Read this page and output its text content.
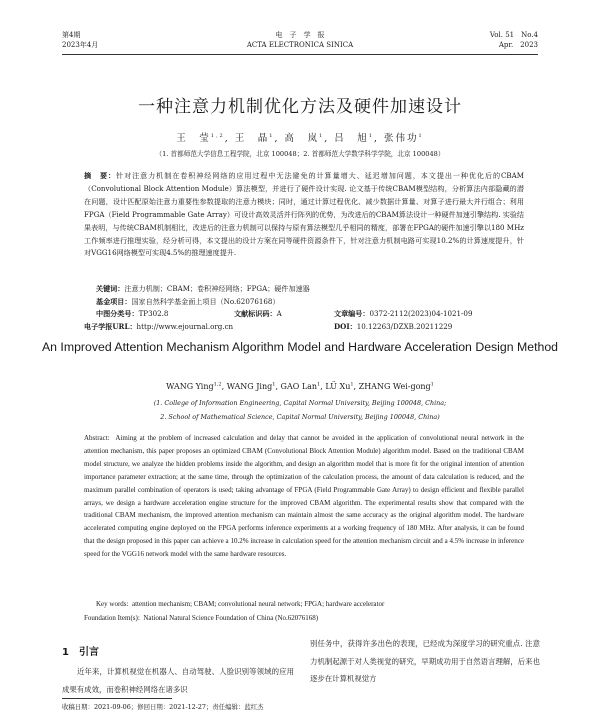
第4期
2023年4月
电　子　学　报
ACTA ELECTRONICA SINICA
Vol. 51　No.4
Apr.　2023
一种注意力机制优化方法及硬件加速设计
王　莹$^{1,2}$, 王　晶$^1$, 高　岚$^1$, 吕　旭$^1$, 张伟功$^1$
（1. 首都师范大学信息工程学院，北京 100048；2. 首都师范大学数学科学学院，北京 100048）
摘　要：针对注意力机制在卷积神经网络的应用过程中无法避免的计算量增大、延迟增加问题，本文提出一种优化后的CBAM（Convolutional Block Attention Module）算法模型，并进行了硬件设计实现. 论文基于传统CBAM模型结构，分析算法内部隐藏的潜在问题，设计匹配原始注意力重要性参数提取的注意力模块；同时，通过计算过程优化、减少数据计算量、对算子进行最大并行组合；利用FPGA（Field Programmable Gate Array）可设计高效灵活并行阵列的优势，为改进后的CBAM算法设计一种硬件加速引擎结构. 实验结果表明，与传统CBAM机制相比，改进后的注意力机制可以保持与原有算法模型几乎相同的精度，部署在FPGA的硬件加速引擎以180 MHz工作频率进行推理实验，经分析可得，本文提出的设计方案在同等硬件资源条件下，针对注意力机制电路可实现10.2%的计算速度提升，针对VGG16网络模型可实现4.5%的推理速度提升.
关键词：注意力机制；CBAM；卷积神经网络；FPGA；硬件加速器
基金项目：国家自然科学基金面上项目（No.62076168）
中图分类号：TP302.8	文献标识码：A	文章编号：0372-2112(2023)04-1021-09
电子学报URL：http://www.ejournal.org.cn	DOI：10.12263/DZXB.20211229
An Improved Attention Mechanism Algorithm Model and Hardware Acceleration Design Method
WANG Ying$^{1,2}$, WANG Jing$^1$, GAO Lan$^1$, LÜ Xu$^1$, ZHANG Wei-gong$^1$
(1. College of Information Engineering, Capital Normal University, Beijing 100048, China;
2. School of Mathematical Science, Capital Normal University, Beijing 100048, China)
Abstract: Aiming at the problem of increased calculation and delay that cannot be avoided in the application of convolutional neural network in the attention mechanism, this paper proposes an optimized CBAM (Convolutional Block Attention Module) algorithm model. Based on the traditional CBAM model structure, we analyze the hidden problems inside the algorithm, and design an algorithm model that is more fit for the original intention of attention importance parameter extraction; at the same time, through the optimization of the calculation process, the amount of data calculation is reduced, and the maximum parallel combination of operators is used; taking advantage of FPGA (Field Programmable Gate Array) to design efficient and flexible parallel arrays, we design a hardware acceleration engine structure for the improved CBAM algorithm. The experimental results show that compared with the traditional CBAM mechanism, the improved attention mechanism can maintain almost the same accuracy as the original algorithm model. The hardware accelerated computing engine deployed on the FPGA performs inference experiments at a working frequency of 180 MHz. After analysis, it can be found that the design proposed in this paper can achieve a 10.2% increase in calculation speed for the attention mechanism circuit and a 4.5% increase in inference speed for the VGG16 network model with the same hardware resources.
Key words: attention mechanism; CBAM; convolutional neural network; FPGA; hardware accelerator
Foundation Item(s): National Natural Science Foundation of China (No.62076168)
1　引言
近年来，计算机视觉在机器人、自动驾驶、人脸识别等领域的应用成果有成效，而卷积神经网络在诸多识
别任务中，获得许多出色的表现，已经成为深度学习的研究重点. 注意力机制起源于对人类视觉的研究，早期成功用于自然语言理解，后来也逐步在计算机视觉方
收稿日期：2021-09-06；修回日期：2021-12-27；责任编辑：蓝红杰
